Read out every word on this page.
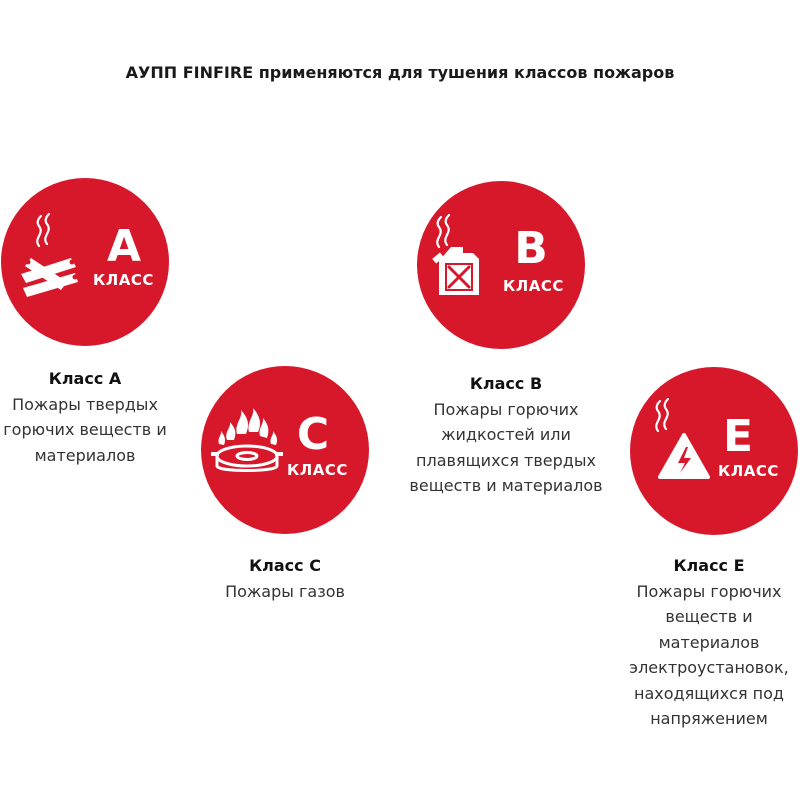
АУПП FINFIRE применяются для тушения классов пожаров
A
КЛАСС
Класс А
Пожары твердых горючих веществ и материалов	C
КЛАСС
Класс С
Пожары газов
B
КЛАСС
Класс В
Пожары горючих жидкостей или плавящихся твердых веществ и материалов
E
КЛАСС
Класс Е
Пожары горючих веществ и материалов электроустановок, находящихся под напряжением
